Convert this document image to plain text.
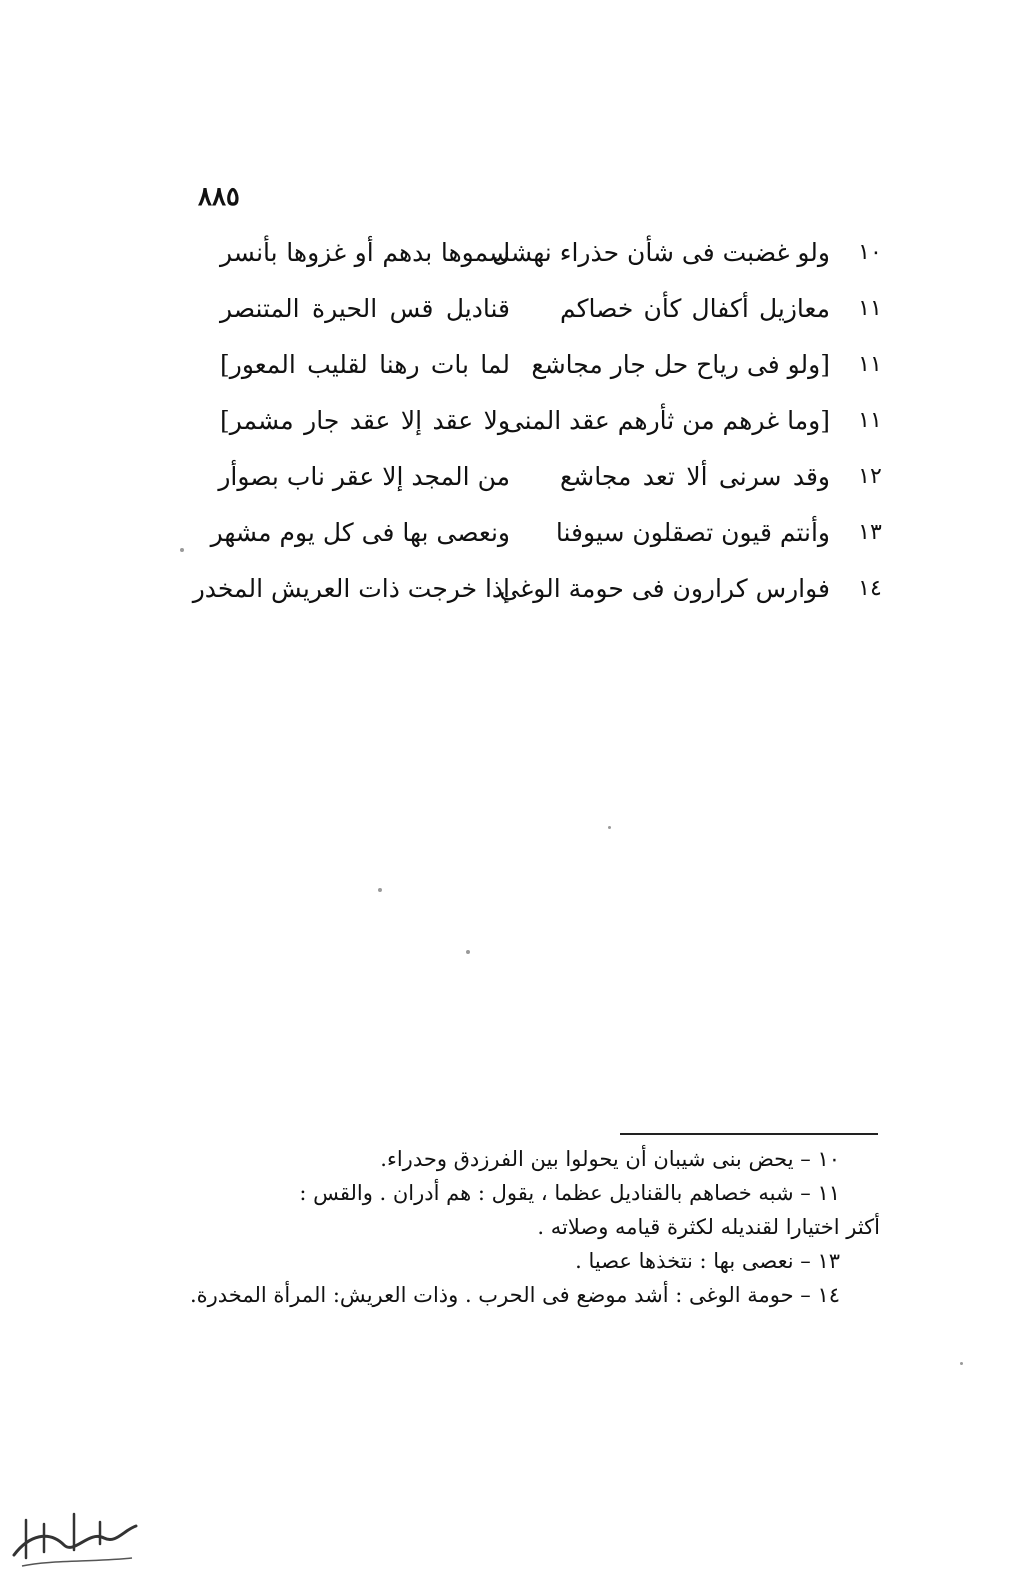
٨٨٥
١٠
ولو غضبت فى شأن حذراء نهشل
سموها بدهم أو غزوها بأنسر
١١
معازيل أكفال كأن خصاكم
قناديل قس الحيرة المتنصر
١١
[ولو فى رياح حل جار مجاشع
لما بات رهنا لقليب المعور]
١١
[وما غرهم من ثأرهم عقد المنى
ولا عقد إلا عقد جار مشمر]
١٢
وقد سرنى ألا تعد مجاشع
من المجد إلا عقر ناب بصوأر
١٣
وأنتم قيون تصقلون سيوفنا
ونعصى بها فى كل يوم مشهر
١٤
فوارس كرارون فى حومة الوغى
إذا خرجت ذات العريش المخدر
١٠ – يحض بنى شيبان أن يحولوا بين الفرزدق وحدراء.
١١ – شبه خصاهم بالقناديل عظما ، يقول : هم أدران . والقس :
أكثر اختيارا لقنديله لكثرة قيامه وصلاته .
١٣ – نعصى بها : نتخذها عصيا .
١٤ – حومة الوغى : أشد موضع فى الحرب . وذات العريش: المرأة المخدرة.
